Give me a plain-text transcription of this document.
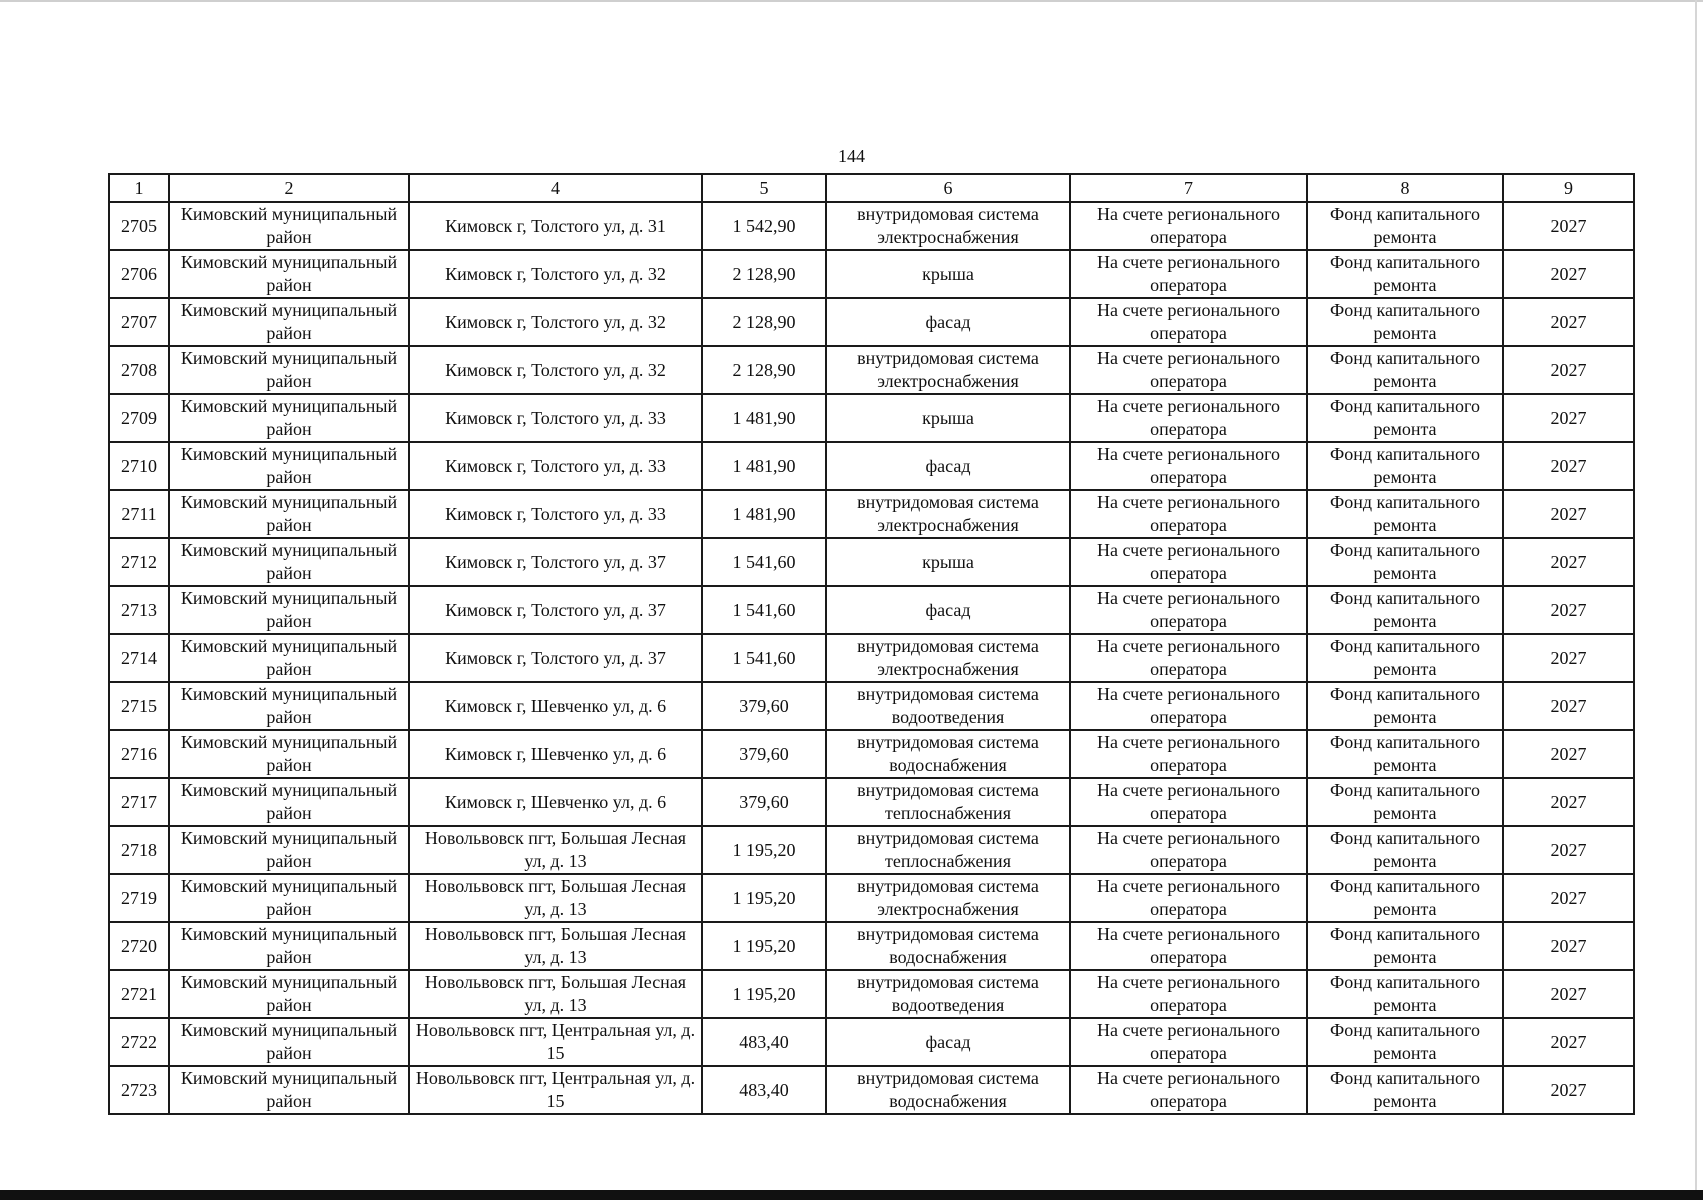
144
1	2	4	5	6	7	8	9
2705	Кимовский муниципальный район	Кимовск г, Толстого ул, д. 31	1 542,90	внутридомовая система электроснабжения	На счете регионального оператора	Фонд капитального ремонта	2027
2706	Кимовский муниципальный район	Кимовск г, Толстого ул, д. 32	2 128,90	крыша	На счете регионального оператора	Фонд капитального ремонта	2027
2707	Кимовский муниципальный район	Кимовск г, Толстого ул, д. 32	2 128,90	фасад	На счете регионального оператора	Фонд капитального ремонта	2027
2708	Кимовский муниципальный район	Кимовск г, Толстого ул, д. 32	2 128,90	внутридомовая система электроснабжения	На счете регионального оператора	Фонд капитального ремонта	2027
2709	Кимовский муниципальный район	Кимовск г, Толстого ул, д. 33	1 481,90	крыша	На счете регионального оператора	Фонд капитального ремонта	2027
2710	Кимовский муниципальный район	Кимовск г, Толстого ул, д. 33	1 481,90	фасад	На счете регионального оператора	Фонд капитального ремонта	2027
2711	Кимовский муниципальный район	Кимовск г, Толстого ул, д. 33	1 481,90	внутридомовая система электроснабжения	На счете регионального оператора	Фонд капитального ремонта	2027
2712	Кимовский муниципальный район	Кимовск г, Толстого ул, д. 37	1 541,60	крыша	На счете регионального оператора	Фонд капитального ремонта	2027
2713	Кимовский муниципальный район	Кимовск г, Толстого ул, д. 37	1 541,60	фасад	На счете регионального оператора	Фонд капитального ремонта	2027
2714	Кимовский муниципальный район	Кимовск г, Толстого ул, д. 37	1 541,60	внутридомовая система электроснабжения	На счете регионального оператора	Фонд капитального ремонта	2027
2715	Кимовский муниципальный район	Кимовск г, Шевченко ул, д. 6	379,60	внутридомовая система водоотведения	На счете регионального оператора	Фонд капитального ремонта	2027
2716	Кимовский муниципальный район	Кимовск г, Шевченко ул, д. 6	379,60	внутридомовая система водоснабжения	На счете регионального оператора	Фонд капитального ремонта	2027
2717	Кимовский муниципальный район	Кимовск г, Шевченко ул, д. 6	379,60	внутридомовая система теплоснабжения	На счете регионального оператора	Фонд капитального ремонта	2027
2718	Кимовский муниципальный район	Новольвовск пгт, Большая Лесная ул, д. 13	1 195,20	внутридомовая система теплоснабжения	На счете регионального оператора	Фонд капитального ремонта	2027
2719	Кимовский муниципальный район	Новольвовск пгт, Большая Лесная ул, д. 13	1 195,20	внутридомовая система электроснабжения	На счете регионального оператора	Фонд капитального ремонта	2027
2720	Кимовский муниципальный район	Новольвовск пгт, Большая Лесная ул, д. 13	1 195,20	внутридомовая система водоснабжения	На счете регионального оператора	Фонд капитального ремонта	2027
2721	Кимовский муниципальный район	Новольвовск пгт, Большая Лесная ул, д. 13	1 195,20	внутридомовая система водоотведения	На счете регионального оператора	Фонд капитального ремонта	2027
2722	Кимовский муниципальный район	Новольвовск пгт, Центральная ул, д. 15	483,40	фасад	На счете регионального оператора	Фонд капитального ремонта	2027
2723	Кимовский муниципальный район	Новольвовск пгт, Центральная ул, д. 15	483,40	внутридомовая система водоснабжения	На счете регионального оператора	Фонд капитального ремонта	2027
